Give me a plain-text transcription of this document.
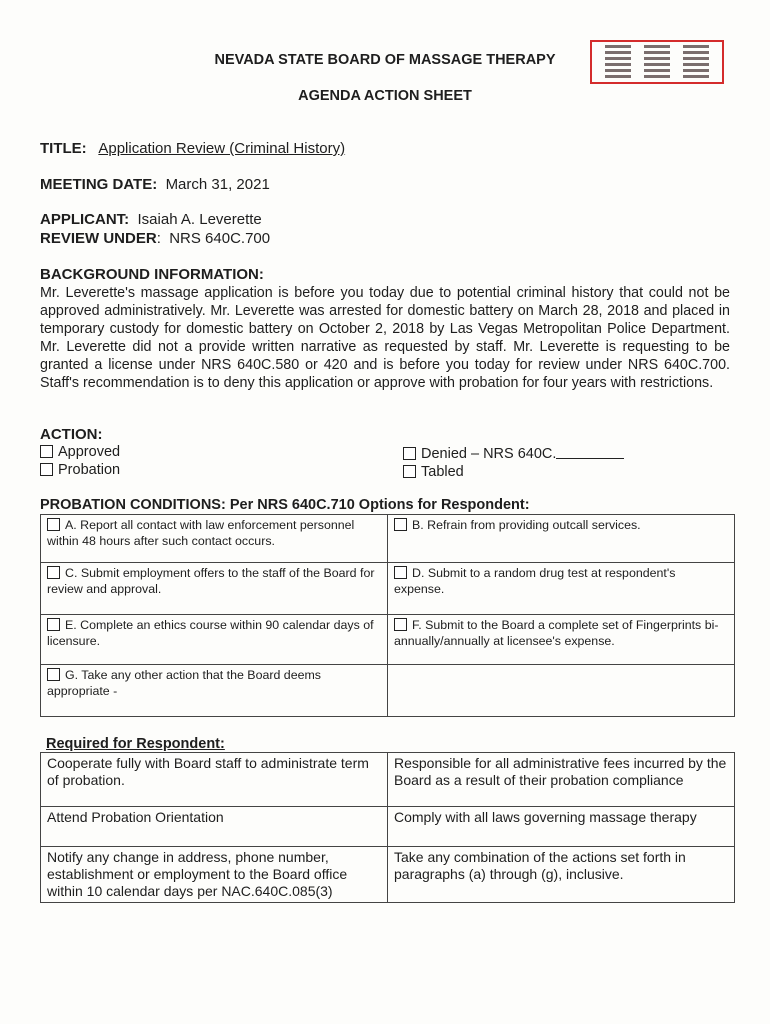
NEVADA STATE BOARD OF MASSAGE THERAPY
AGENDA ACTION SHEET
TITLE: Application Review (Criminal History)
MEETING DATE: March 31, 2021
APPLICANT: Isaiah A. Leverette
REVIEW UNDER:  NRS 640C.700
BACKGROUND INFORMATION:
Mr. Leverette's massage application is before you today due to potential criminal history that could not be approved administratively. Mr. Leverette was arrested for domestic battery on March 28, 2018 and placed in temporary custody for domestic battery on October 2, 2018 by Las Vegas Metropolitan Police Department. Mr. Leverette did not a provide written narrative as requested by staff. Mr. Leverette is requesting to be granted a license under NRS 640C.580 or 420 and is before you today for review under NRS 640C.700. Staff's recommendation is to deny this application or approve with probation for four years with restrictions.
ACTION:
Approved
Probation
Denied – NRS 640C.
Tabled
PROBATION CONDITIONS: Per NRS 640C.710 Options for Respondent:
A. Report all contact with law enforcement personnel within 48 hours after such contact occurs.	B. Refrain from providing outcall services.
C. Submit employment offers to the staff of the Board for review and approval.	D. Submit to a random drug test at respondent's expense.
E. Complete an ethics course within 90 calendar days of licensure.	F. Submit to the Board a complete set of Fingerprints bi-annually/annually at licensee's expense.
G. Take any other action that the Board deems appropriate -	
Required for Respondent:
Cooperate fully with Board staff to administrate term of probation.	Responsible for all administrative fees incurred by the Board as a result of their probation compliance
Attend Probation Orientation	Comply with all laws governing massage therapy
Notify any change in address, phone number, establishment or employment to the Board office within 10 calendar days per NAC.640C.085(3)	Take any combination of the actions set forth in paragraphs (a) through (g), inclusive.
